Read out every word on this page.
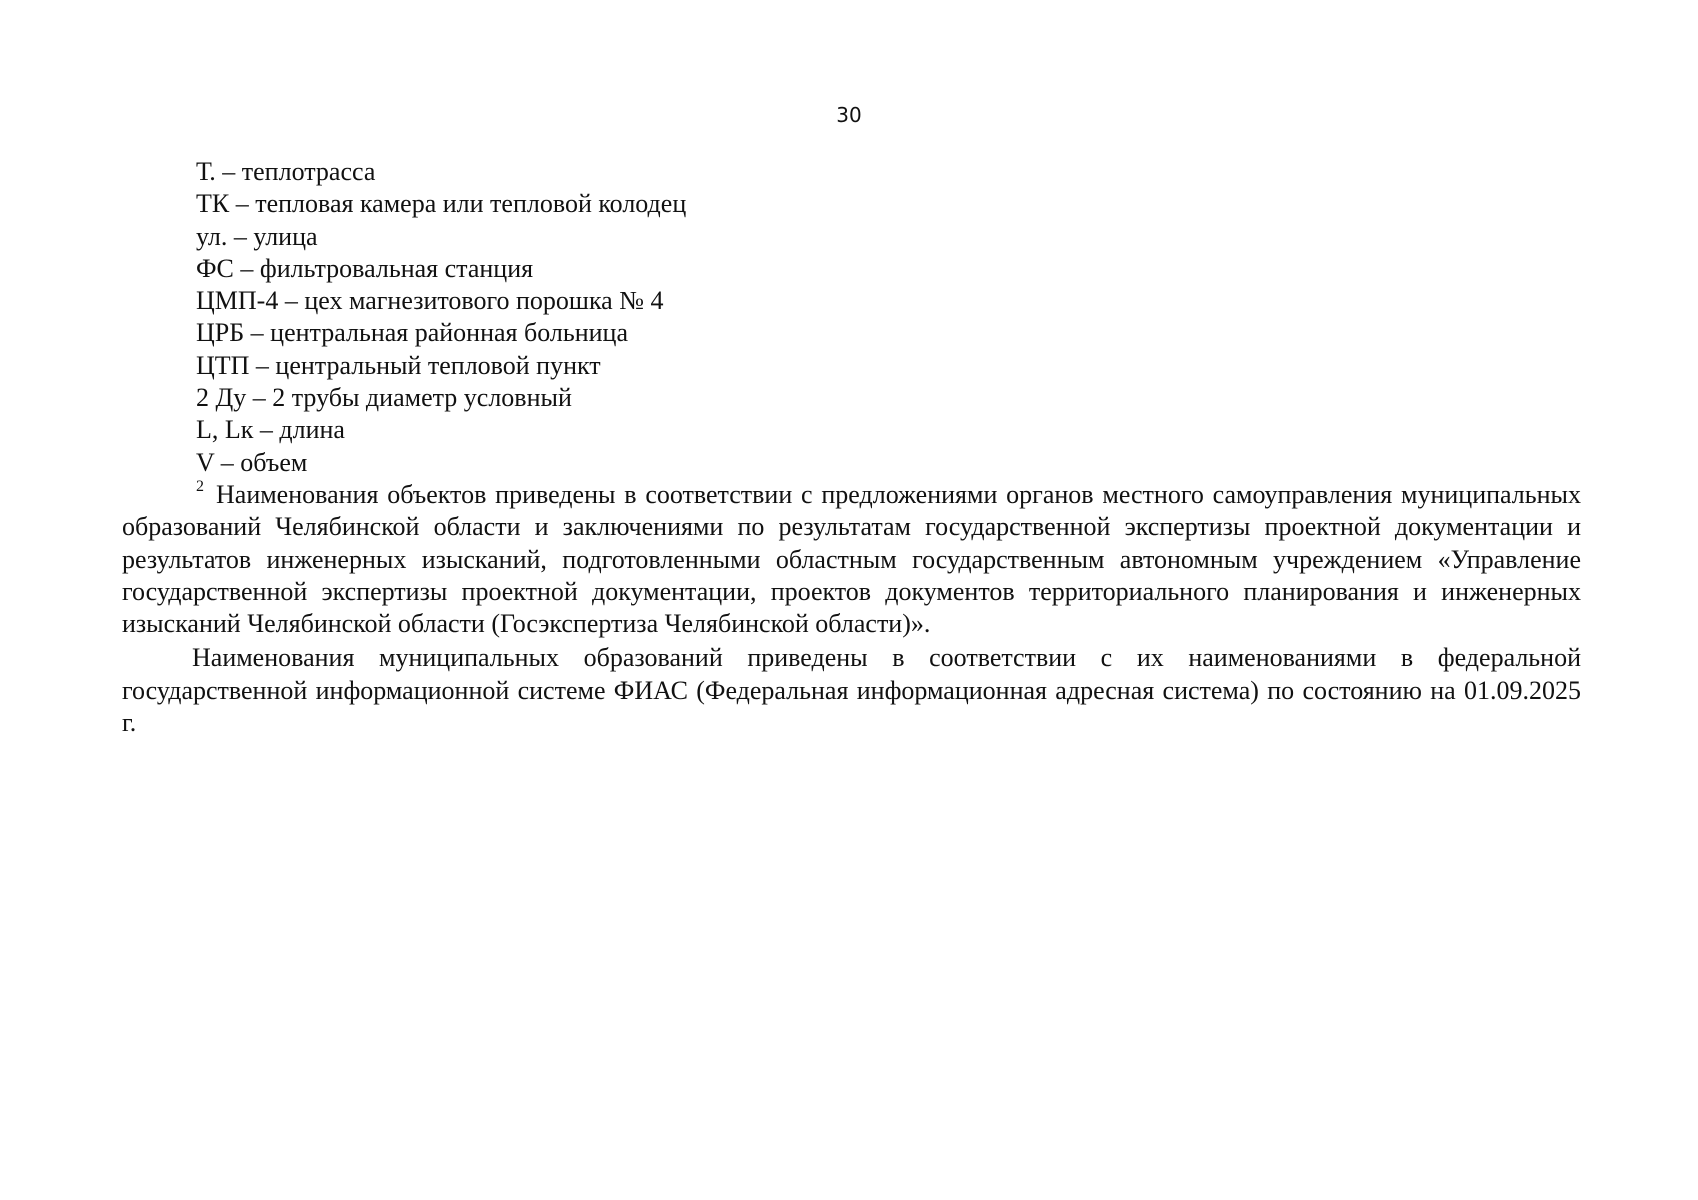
30
Т. – теплотрасса
ТК – тепловая камера или тепловой колодец
ул. – улица
ФС – фильтровальная станция
ЦМП-4 – цех магнезитового порошка № 4
ЦРБ – центральная районная больница
ЦТП – центральный тепловой пункт
2 Ду – 2 трубы диаметр условный
L, Lк – длина
V – объем

$^2$ Наименования объектов приведены в соответствии с предложениями органов местного самоуправления муниципальных образований Челябинской области и заключениями по результатам государственной экспертизы проектной документации и результатов инженерных изысканий, подготовленными областным государственным автономным учреждением «Управление государственной экспертизы проектной документации, проектов документов территориального планирования и инженерных изысканий Челябинской области (Госэкспертиза Челябинской области)».

Наименования муниципальных образований приведены в соответствии с их наименованиями в федеральной государственной информационной системе ФИАС (Федеральная информационная адресная система) по состоянию на 01.09.2025 г.
